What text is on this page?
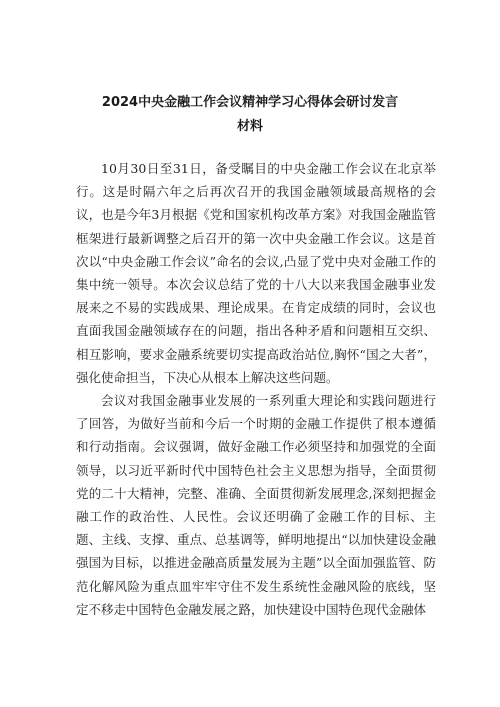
2024中央金融工作会议精神学习心得体会研讨发言材料

10月30日至31日，备受瞩目的中央金融工作会议在北京举行。这是时隔六年之后再次召开的我国金融领域最高规格的会议，也是今年3月根据《党和国家机构改革方案》对我国金融监管框架进行最新调整之后召开的第一次中央金融工作会议。这是首次以“中央金融工作会议”命名的会议,凸显了党中央对金融工作的集中统一领导。本次会议总结了党的十八大以来我国金融事业发展来之不易的实践成果、理论成果。在肯定成绩的同时，会议也直面我国金融领域存在的问题，指出各种矛盾和问题相互交织、相互影响，要求金融系统要切实提高政治站位,胸怀“国之大者”，强化使命担当，下决心从根本上解决这些问题。

会议对我国金融事业发展的一系列重大理论和实践问题进行了回答，为做好当前和今后一个时期的金融工作提供了根本遵循和行动指南。会议强调，做好金融工作必须坚持和加强党的全面领导，以习近平新时代中国特色社会主义思想为指导，全面贯彻党的二十大精神，完整、准确、全面贯彻新发展理念,深刻把握金融工作的政治性、人民性。会议还明确了金融工作的目标、主题、主线、支撑、重点、总基调等，鲜明地提出“以加快建设金融强国为目标，以推进金融高质量发展为主题”以全面加强监管、防范化解风险为重点皿牢牢守住不发生系统性金融风险的底线，坚定不移走中国特色金融发展之路，加快建设中国特色现代金融体
